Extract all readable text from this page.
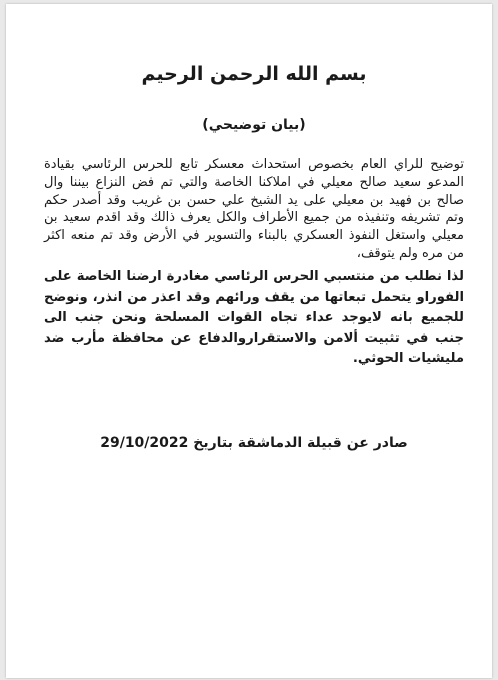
بسم الله الرحمن الرحيم
(بيان توضيحي)

توضيح للراي العام بخصوص استحداث معسكر تابع للحرس الرئاسي بقيادة المدعو سعيد صالح معيلي في املاكنا الخاصة والتي تم فض النزاع بيننا وال صالح بن فهيد بن معيلي على يد الشيخ علي حسن بن غريب وقد أصدر حكم وتم تشريفه وتنفيذه من جميع الأطراف والكل يعرف ذالك وقد اقدم سعيد بن معيلي واستغل النفوذ العسكري بالبناء والتسوير في الأرض وقد تم منعه اكثر من مره ولم يتوقف،

لذا نطلب من منتسبي الحرس الرئاسي مغادرة ارضنا الخاصة على الفوراو يتحمل تبعاتها من يقف ورائهم وقد اعذر من انذر، ونوضح للجميع بانه لايوجد عداء تجاه القوات المسلحة ونحن جنب الى جنب في تثبيت ألامن والاستقراروالدفاع عن محافظة مأرب ضد مليشيات الحوثي.

صادر عن قبيلة الدماشقة بتاريخ 29/10/2022
